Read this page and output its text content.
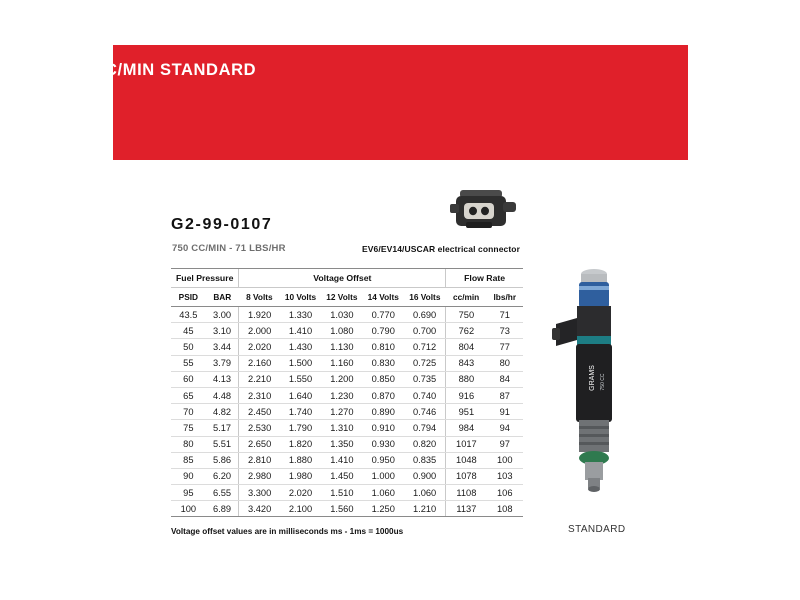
750 CC/MIN STANDARD
G2-99-0107
750 CC/MIN - 71 LBS/HR	EV6/EV14/USCAR electrical connector
Fuel Pressure		Voltage Offset					Flow Rate	
PSID	BAR	8 Volts	10 Volts	12 Volts	14 Volts	16 Volts	cc/min	lbs/hr
43.5	3.00	1.920	1.330	1.030	0.770	0.690	750	71
45	3.10	2.000	1.410	1.080	0.790	0.700	762	73
50	3.44	2.020	1.430	1.130	0.810	0.712	804	77
55	3.79	2.160	1.500	1.160	0.830	0.725	843	80
60	4.13	2.210	1.550	1.200	0.850	0.735	880	84
65	4.48	2.310	1.640	1.230	0.870	0.740	916	87
70	4.82	2.450	1.740	1.270	0.890	0.746	951	91
75	5.17	2.530	1.790	1.310	0.910	0.794	984	94
80	5.51	2.650	1.820	1.350	0.930	0.820	1017	97
85	5.86	2.810	1.880	1.410	0.950	0.835	1048	100
90	6.20	2.980	1.980	1.450	1.000	0.900	1078	103
95	6.55	3.300	2.020	1.510	1.060	1.060	1108	106
100	6.89	3.420	2.100	1.560	1.250	1.210	1137	108
Voltage offset values are in milliseconds ms - 1ms = 1000us
GRAMS 750 CC
STANDARD
